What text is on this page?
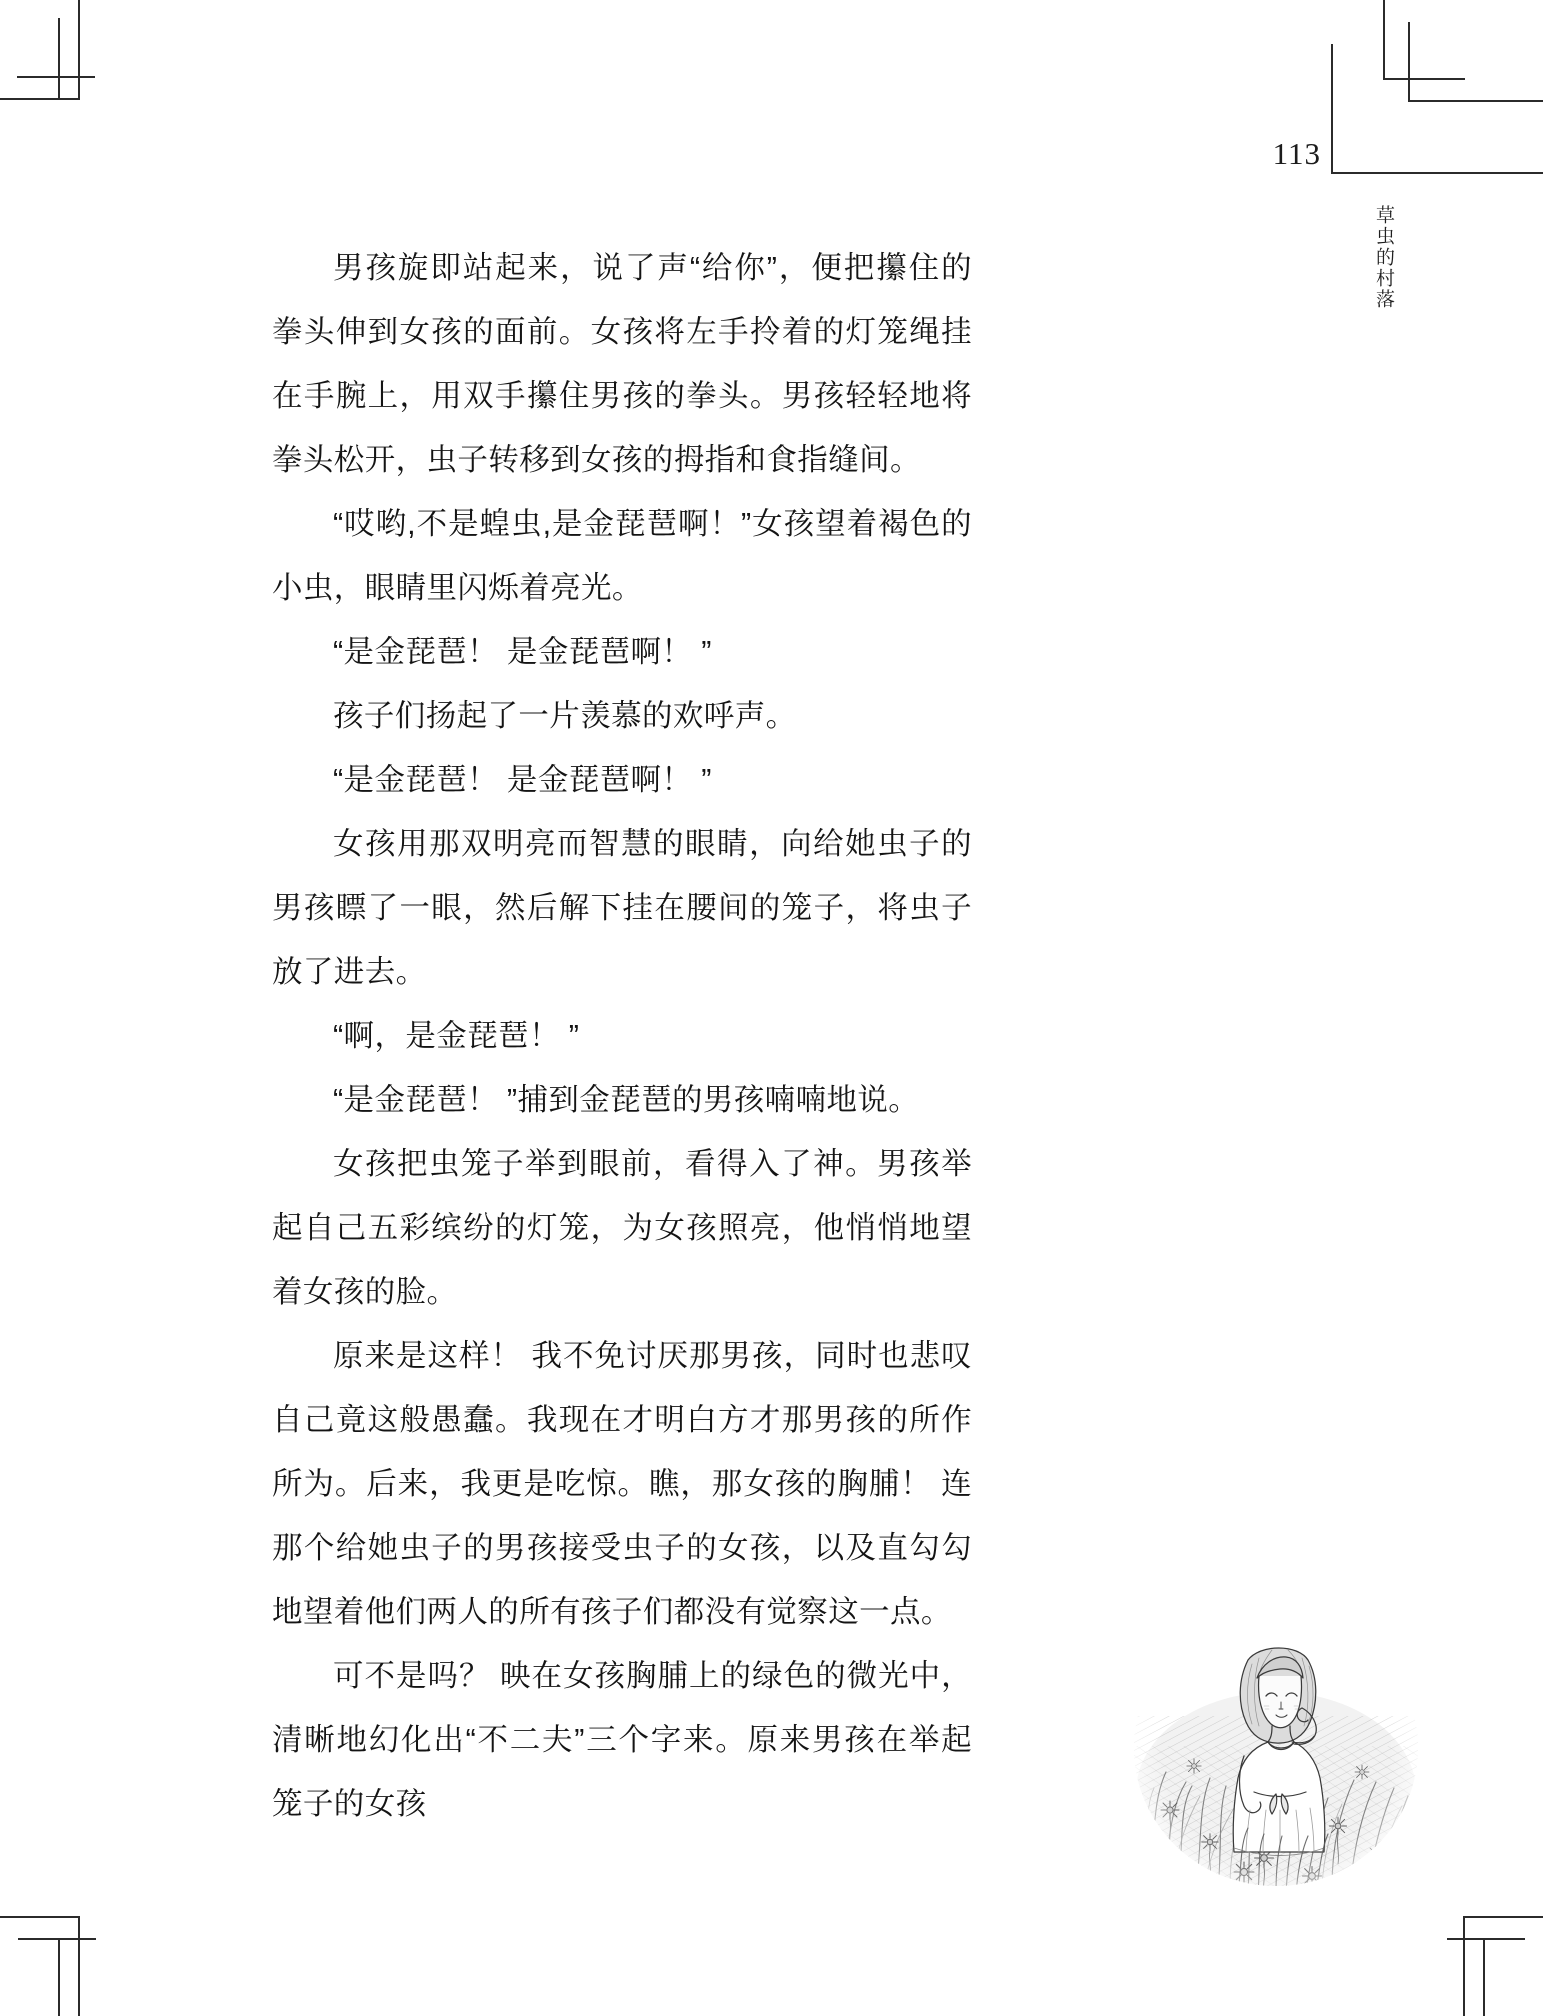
113
草虫的村落

男孩旋即站起来，说了声“给你”，便把攥住的拳头伸到女孩的面前。女孩将左手拎着的灯笼绳挂在手腕上，用双手攥住男孩的拳头。男孩轻轻地将拳头松开，虫子转移到女孩的拇指和食指缝间。

“哎哟,不是蝗虫,是金琵琶啊！”女孩望着褐色的小虫，眼睛里闪烁着亮光。

“是金琵琶！ 是金琵琶啊！ ”

孩子们扬起了一片羡慕的欢呼声。

“是金琵琶！ 是金琵琶啊！ ”

女孩用那双明亮而智慧的眼睛，向给她虫子的男孩瞟了一眼，然后解下挂在腰间的笼子，将虫子放了进去。

“啊，是金琵琶！ ”

“是金琵琶！ ”捕到金琵琶的男孩喃喃地说。

女孩把虫笼子举到眼前，看得入了神。男孩举起自己五彩缤纷的灯笼，为女孩照亮，他悄悄地望着女孩的脸。

原来是这样！ 我不免讨厌那男孩，同时也悲叹自己竟这般愚蠢。我现在才明白方才那男孩的所作所为。后来，我更是吃惊。瞧，那女孩的胸脯！ 连那个给她虫子的男孩接受虫子的女孩，以及直勾勾地望着他们两人的所有孩子们都没有觉察这一点。

可不是吗？ 映在女孩胸脯上的绿色的微光中，清晰地幻化出“不二夫”三个字来。原来男孩在举起笼子的女孩
